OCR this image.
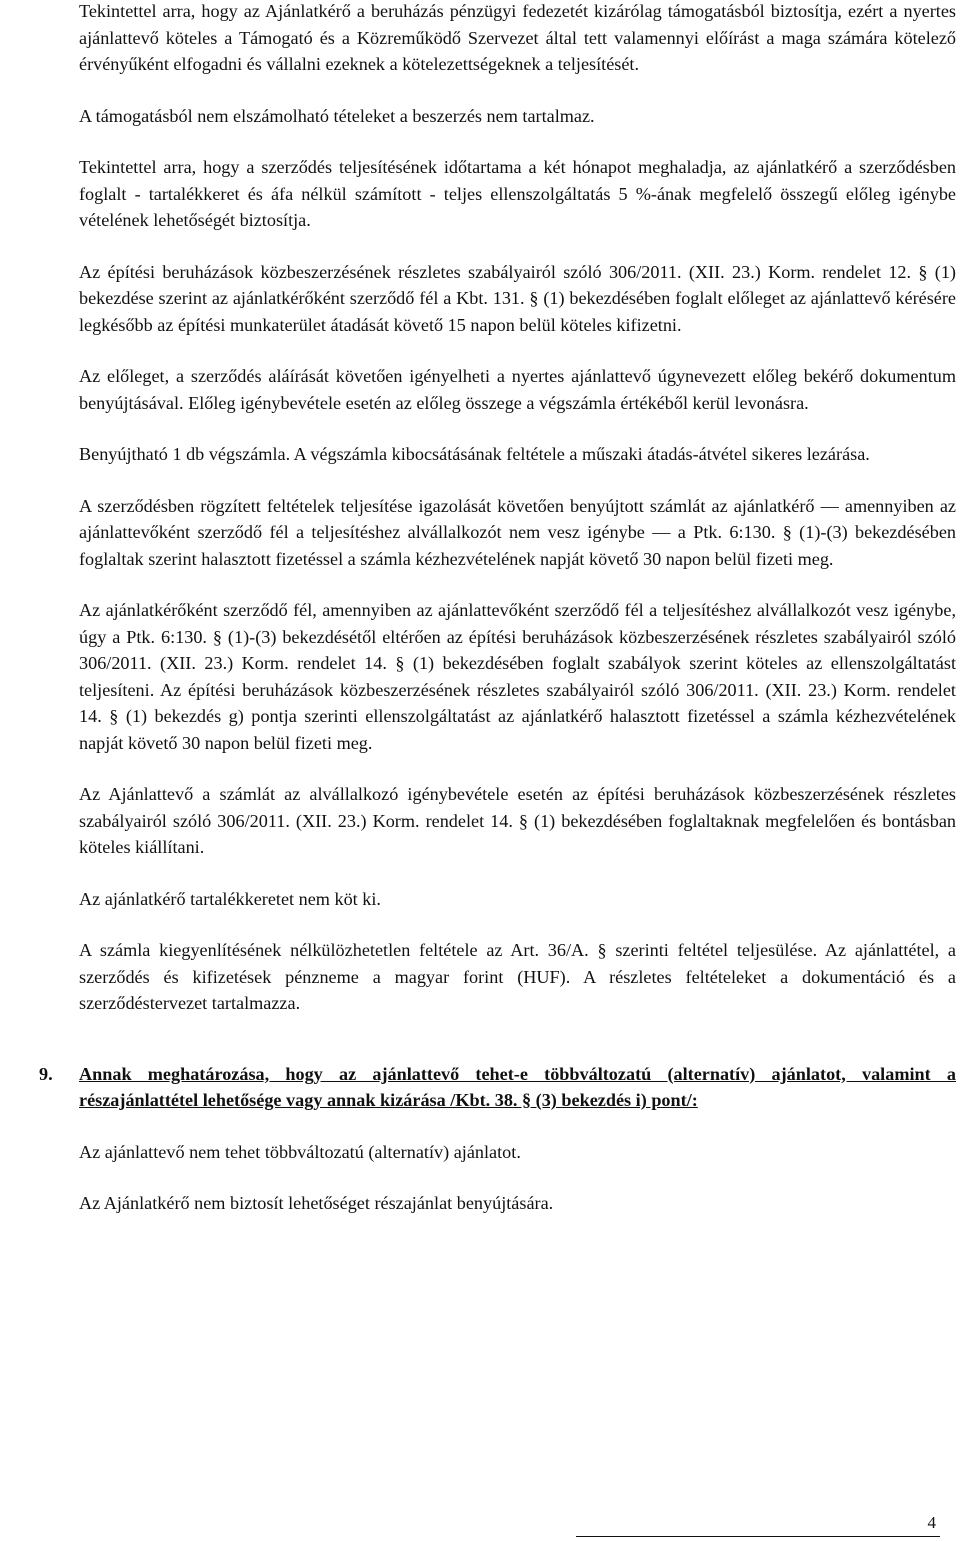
Tekintettel arra, hogy az Ajánlatkérő a beruházás pénzügyi fedezetét kizárólag támogatásból biztosítja, ezért a nyertes ajánlattevő köteles a Támogató és a Közreműködő Szervezet által tett valamennyi előírást a maga számára kötelező érvényűként elfogadni és vállalni ezeknek a kötelezettségeknek a teljesítését.

A támogatásból nem elszámolható tételeket a beszerzés nem tartalmaz.

Tekintettel arra, hogy a szerződés teljesítésének időtartama a két hónapot meghaladja, az ajánlatkérő a szerződésben foglalt - tartalékkeret és áfa nélkül számított - teljes ellenszolgáltatás 5 %-ának megfelelő összegű előleg igénybe vételének lehetőségét biztosítja.

Az építési beruházások közbeszerzésének részletes szabályairól szóló 306/2011. (XII. 23.) Korm. rendelet 12. § (1) bekezdése szerint az ajánlatkérőként szerződő fél a Kbt. 131. § (1) bekezdésében foglalt előleget az ajánlattevő kérésére legkésőbb az építési munkaterület átadását követő 15 napon belül köteles kifizetni.

Az előleget, a szerződés aláírását követően igényelheti a nyertes ajánlattevő úgynevezett előleg bekérő dokumentum benyújtásával. Előleg igénybevétele esetén az előleg összege a végszámla értékéből kerül levonásra.

Benyújtható 1 db végszámla. A végszámla kibocsátásának feltétele a műszaki átadás-átvétel sikeres lezárása.

A szerződésben rögzített feltételek teljesítése igazolását követően benyújtott számlát az ajánlatkérő — amennyiben az ajánlattevőként szerződő fél a teljesítéshez alvállalkozót nem vesz igénybe — a Ptk. 6:130. § (1)-(3) bekezdésében foglaltak szerint halasztott fizetéssel a számla kézhezvételének napját követő 30 napon belül fizeti meg.

Az ajánlatkérőként szerződő fél, amennyiben az ajánlattevőként szerződő fél a teljesítéshez alvállalkozót vesz igénybe, úgy a Ptk. 6:130. § (1)-(3) bekezdésétől eltérően az építési beruházások közbeszerzésének részletes szabályairól szóló 306/2011. (XII. 23.) Korm. rendelet 14. § (1) bekezdésében foglalt szabályok szerint köteles az ellenszolgáltatást teljesíteni. Az építési beruházások közbeszerzésének részletes szabályairól szóló 306/2011. (XII. 23.) Korm. rendelet 14. § (1) bekezdés g) pontja szerinti ellenszolgáltatást az ajánlatkérő halasztott fizetéssel a számla kézhezvételének napját követő 30 napon belül fizeti meg.

Az Ajánlattevő a számlát az alvállalkozó igénybevétele esetén az építési beruházások közbeszerzésének részletes szabályairól szóló 306/2011. (XII. 23.) Korm. rendelet 14. § (1) bekezdésében foglaltaknak megfelelően és bontásban köteles kiállítani.

Az ajánlatkérő tartalékkeretet nem köt ki.

A számla kiegyenlítésének nélkülözhetetlen feltétele az Art. 36/A. § szerinti feltétel teljesülése. Az ajánlattétel, a szerződés és kifizetések pénzneme a magyar forint (HUF). A részletes feltételeket a dokumentáció és a szerződéstervezet tartalmazza.

9. Annak meghatározása, hogy az ajánlattevő tehet-e többváltozatú (alternatív) ajánlatot, valamint a részajánlattétel lehetősége vagy annak kizárása /Kbt. 38. § (3) bekezdés i) pont/:

Az ajánlattevő nem tehet többváltozatú (alternatív) ajánlatot.

Az Ajánlatkérő nem biztosít lehetőséget részajánlat benyújtására.

4
